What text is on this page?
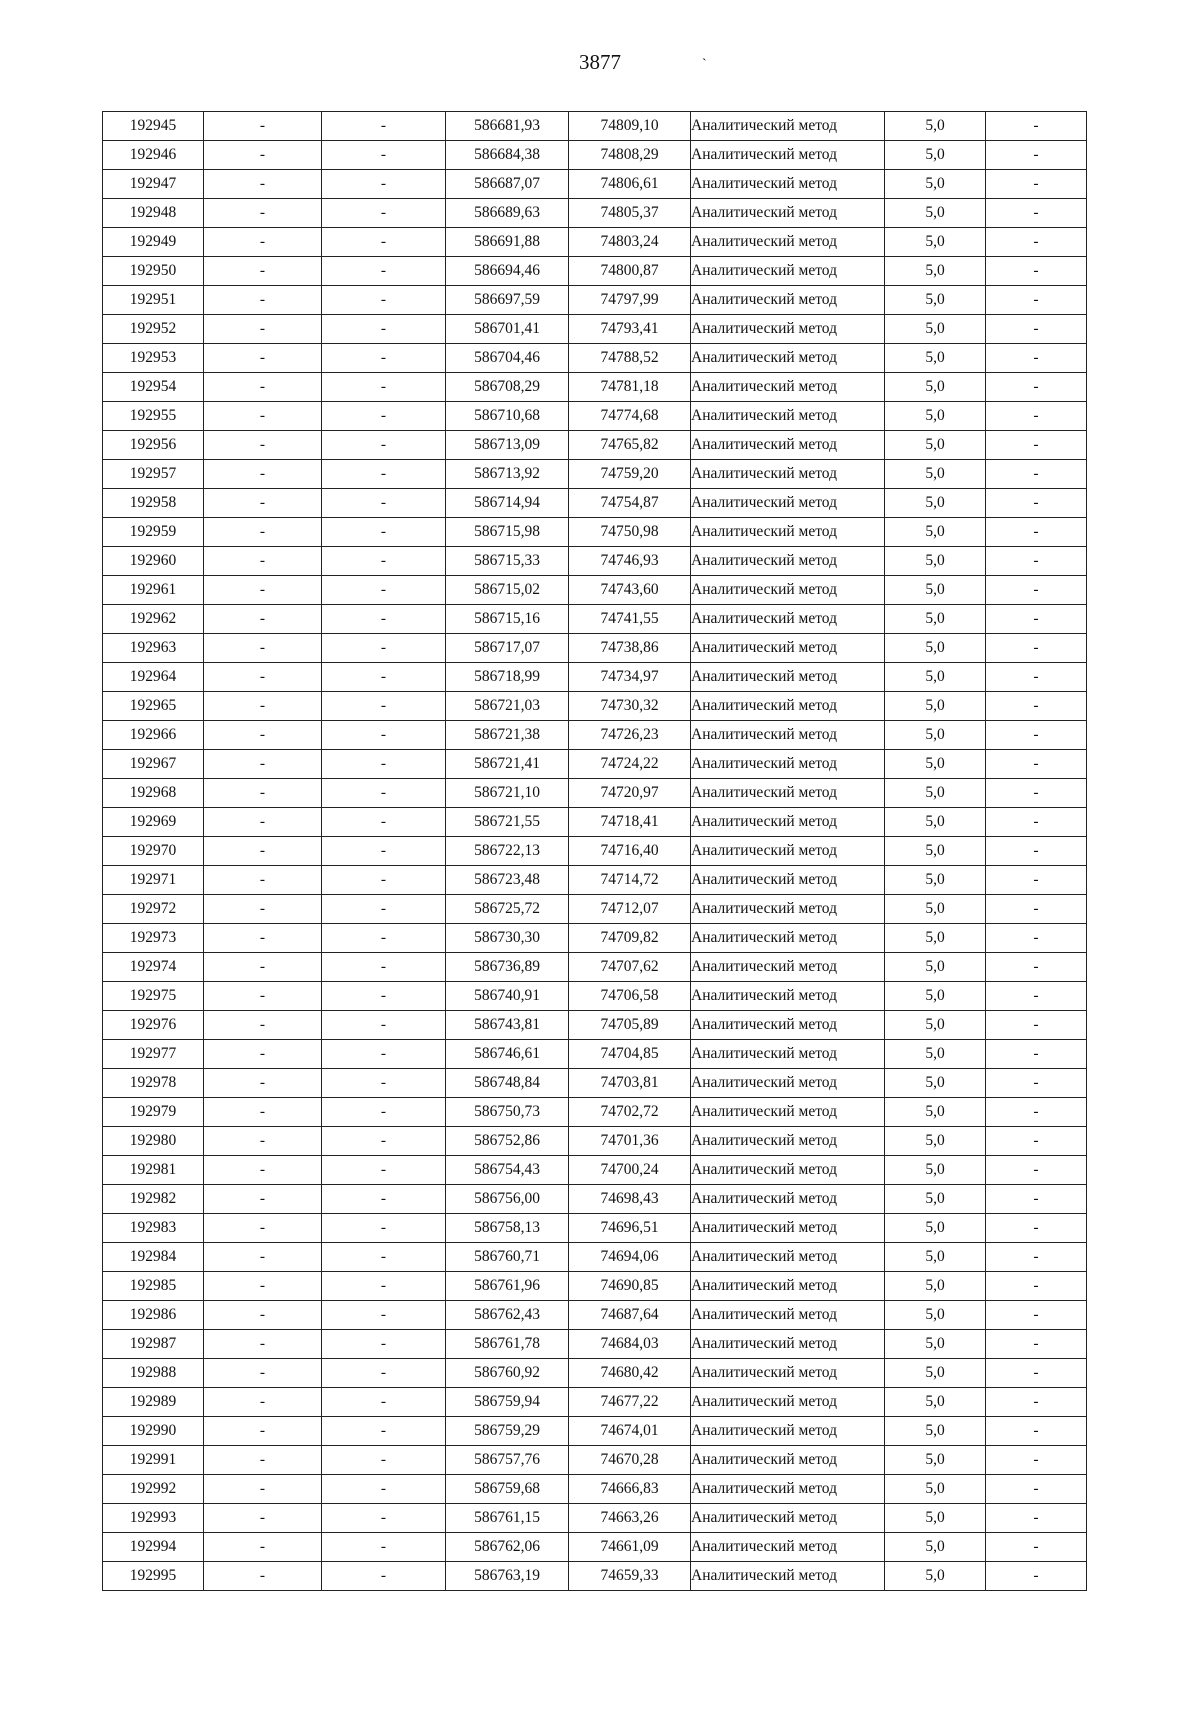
3877	`
192945	-	-	586681,93	74809,10	Аналитический метод	5,0	-
192946	-	-	586684,38	74808,29	Аналитический метод	5,0	-
192947	-	-	586687,07	74806,61	Аналитический метод	5,0	-
192948	-	-	586689,63	74805,37	Аналитический метод	5,0	-
192949	-	-	586691,88	74803,24	Аналитический метод	5,0	-
192950	-	-	586694,46	74800,87	Аналитический метод	5,0	-
192951	-	-	586697,59	74797,99	Аналитический метод	5,0	-
192952	-	-	586701,41	74793,41	Аналитический метод	5,0	-
192953	-	-	586704,46	74788,52	Аналитический метод	5,0	-
192954	-	-	586708,29	74781,18	Аналитический метод	5,0	-
192955	-	-	586710,68	74774,68	Аналитический метод	5,0	-
192956	-	-	586713,09	74765,82	Аналитический метод	5,0	-
192957	-	-	586713,92	74759,20	Аналитический метод	5,0	-
192958	-	-	586714,94	74754,87	Аналитический метод	5,0	-
192959	-	-	586715,98	74750,98	Аналитический метод	5,0	-
192960	-	-	586715,33	74746,93	Аналитический метод	5,0	-
192961	-	-	586715,02	74743,60	Аналитический метод	5,0	-
192962	-	-	586715,16	74741,55	Аналитический метод	5,0	-
192963	-	-	586717,07	74738,86	Аналитический метод	5,0	-
192964	-	-	586718,99	74734,97	Аналитический метод	5,0	-
192965	-	-	586721,03	74730,32	Аналитический метод	5,0	-
192966	-	-	586721,38	74726,23	Аналитический метод	5,0	-
192967	-	-	586721,41	74724,22	Аналитический метод	5,0	-
192968	-	-	586721,10	74720,97	Аналитический метод	5,0	-
192969	-	-	586721,55	74718,41	Аналитический метод	5,0	-
192970	-	-	586722,13	74716,40	Аналитический метод	5,0	-
192971	-	-	586723,48	74714,72	Аналитический метод	5,0	-
192972	-	-	586725,72	74712,07	Аналитический метод	5,0	-
192973	-	-	586730,30	74709,82	Аналитический метод	5,0	-
192974	-	-	586736,89	74707,62	Аналитический метод	5,0	-
192975	-	-	586740,91	74706,58	Аналитический метод	5,0	-
192976	-	-	586743,81	74705,89	Аналитический метод	5,0	-
192977	-	-	586746,61	74704,85	Аналитический метод	5,0	-
192978	-	-	586748,84	74703,81	Аналитический метод	5,0	-
192979	-	-	586750,73	74702,72	Аналитический метод	5,0	-
192980	-	-	586752,86	74701,36	Аналитический метод	5,0	-
192981	-	-	586754,43	74700,24	Аналитический метод	5,0	-
192982	-	-	586756,00	74698,43	Аналитический метод	5,0	-
192983	-	-	586758,13	74696,51	Аналитический метод	5,0	-
192984	-	-	586760,71	74694,06	Аналитический метод	5,0	-
192985	-	-	586761,96	74690,85	Аналитический метод	5,0	-
192986	-	-	586762,43	74687,64	Аналитический метод	5,0	-
192987	-	-	586761,78	74684,03	Аналитический метод	5,0	-
192988	-	-	586760,92	74680,42	Аналитический метод	5,0	-
192989	-	-	586759,94	74677,22	Аналитический метод	5,0	-
192990	-	-	586759,29	74674,01	Аналитический метод	5,0	-
192991	-	-	586757,76	74670,28	Аналитический метод	5,0	-
192992	-	-	586759,68	74666,83	Аналитический метод	5,0	-
192993	-	-	586761,15	74663,26	Аналитический метод	5,0	-
192994	-	-	586762,06	74661,09	Аналитический метод	5,0	-
192995	-	-	586763,19	74659,33	Аналитический метод	5,0	-
